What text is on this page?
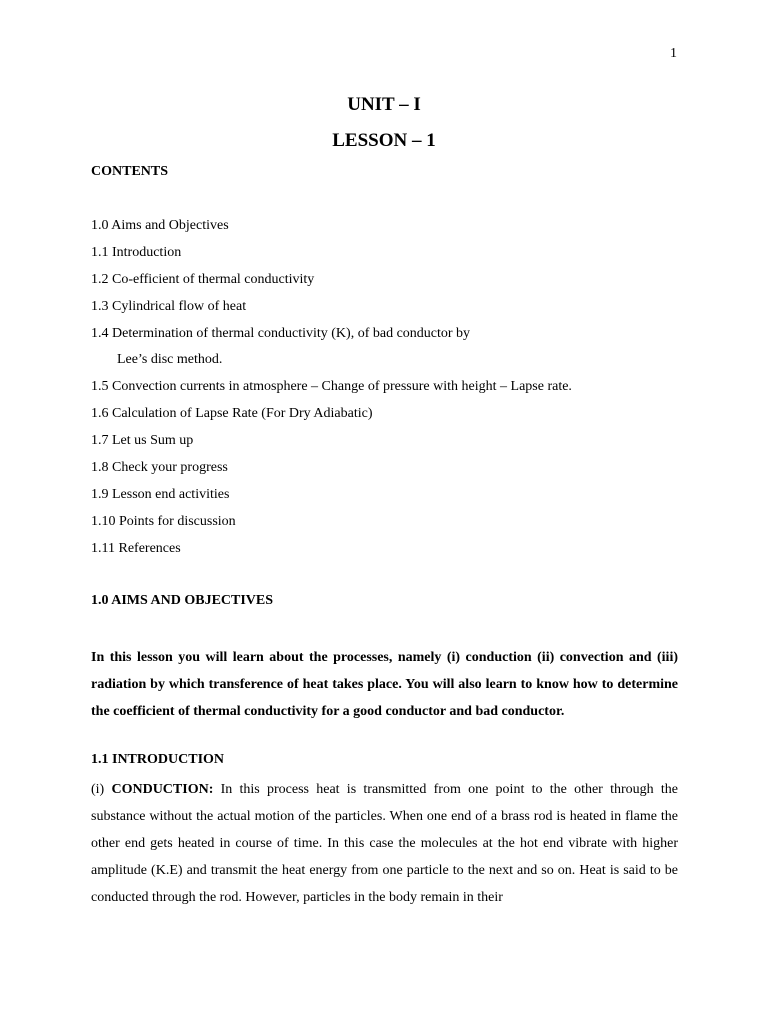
1
UNIT – I
LESSON – 1
CONTENTS
1.0 Aims and Objectives
1.1 Introduction
1.2 Co-efficient of thermal conductivity
1.3 Cylindrical flow of heat
1.4 Determination of thermal conductivity (K), of bad conductor by
Lee’s disc method.
1.5 Convection currents in atmosphere – Change of pressure with height – Lapse rate.
1.6 Calculation of Lapse Rate (For Dry Adiabatic)
1.7 Let us Sum up
1.8 Check your progress
1.9 Lesson end activities
1.10 Points for discussion
1.11 References
1.0 AIMS AND OBJECTIVES

In this lesson you will learn about the processes, namely (i) conduction (ii) convection and (iii) radiation by which transference of heat takes place. You will also learn to know how to determine the coefficient of thermal conductivity for a good conductor and bad conductor.

1.1 INTRODUCTION

(i) CONDUCTION: In this process heat is transmitted from one point to the other through the substance without the actual motion of the particles. When one end of a brass rod is heated in flame the other end gets heated in course of time. In this case the molecules at the hot end vibrate with higher amplitude (K.E) and transmit the heat energy from one particle to the next and so on. Heat is said to be conducted through the rod. However, particles in the body remain in their
